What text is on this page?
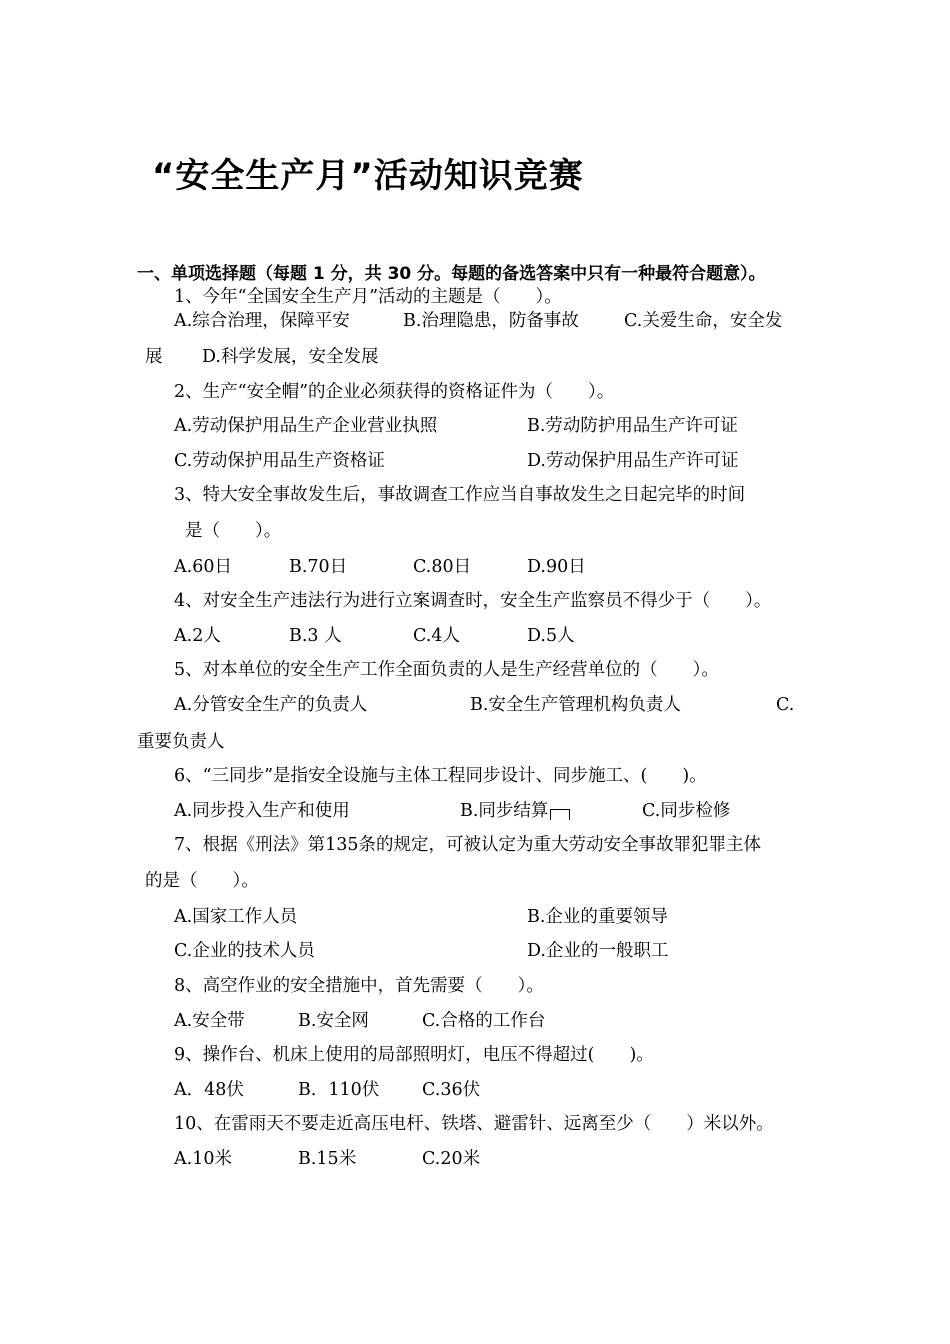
“安全生产月”活动知识竞赛
一、单项选择题（每题 1 分，共 30 分。每题的备选答案中只有一种最符合题意）。
1、今年“全国安全生产月”活动的主题是（　　）。
A.综合治理，保障平安	B.治理隐患，防备事故	C.关爱生命，安全发
展 D.科学发展，安全发展
2、生产“安全帽”的企业必须获得的资格证件为（　　）。
A.劳动保护用品生产企业营业执照	B.劳动防护用品生产许可证
C.劳动保护用品生产资格证	D.劳动保护用品生产许可证
3、特大安全事故发生后，事故调查工作应当自事故发生之日起完毕的时间
是（　　）。
A.60日	B.70日	C.80日	D.90日
4、对安全生产违法行为进行立案调查时，安全生产监察员不得少于（　　）。
A.2人	B.3 人	C.4人	D.5人
5、对本单位的安全生产工作全面负责的人是生产经营单位的（　　）。
A.分管安全生产的负责人	B.安全生产管理机构负责人	C.
重要负责人
6、“三同步”是指安全设施与主体工程同步设计、同步施工、(　　)。
A.同步投入生产和使用	B.同步结算	C.同步检修
7、根据《刑法》第135条的规定，可被认定为重大劳动安全事故罪犯罪主体
的是（　　）。
A.国家工作人员	B.企业的重要领导
C.企业的技术人员	D.企业的一般职工
8、高空作业的安全措施中，首先需要（　　）。
A.安全带	B.安全网	C.合格的工作台
9、操作台、机床上使用的局部照明灯，电压不得超过(　　)。
A．48伏	B．110伏 C.36伏
10、在雷雨天不要走近高压电杆、铁塔、避雷针、远离至少（　　）米以外。
A.10米	B.15米	C.20米
